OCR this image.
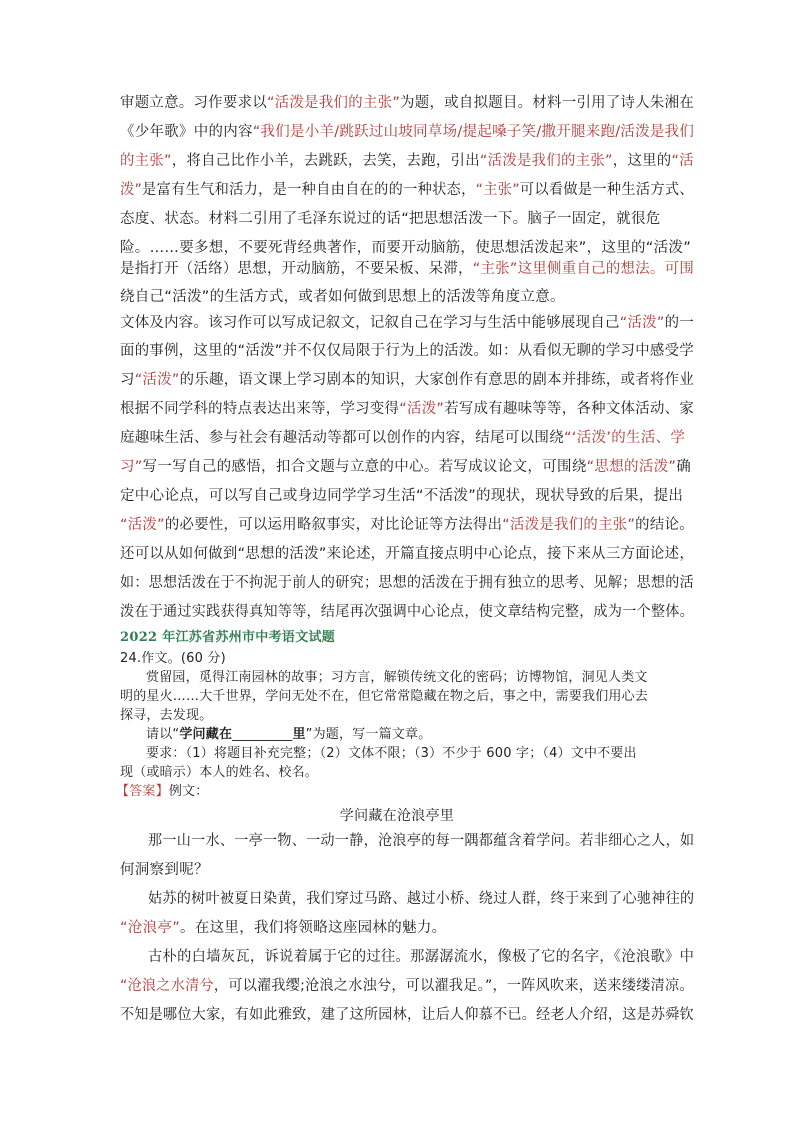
审题立意。习作要求以“活泼是我们的主张”为题，或自拟题目。材料一引用了诗人朱湘在
《少年歌》中的内容“我们是小羊/跳跃过山坡同草场/提起嗓子笑/撒开腿来跑/活泼是我们
的主张”，将自己比作小羊，去跳跃，去笑，去跑，引出“活泼是我们的主张”，这里的“活
泼”是富有生气和活力，是一种自由自在的的一种状态，“主张”可以看做是一种生活方式、
态度、状态。材料二引用了毛泽东说过的话“把思想活泼一下。脑子一固定，就很危
险。……要多想，不要死背经典著作，而要开动脑筋，使思想活泼起来”，这里的“活泼”
是指打开（活络）思想，开动脑筋，不要呆板、呆滞，“主张”这里侧重自己的想法。可围
绕自己“活泼”的生活方式，或者如何做到思想上的活泼等角度立意。
文体及内容。该习作可以写成记叙文，记叙自己在学习与生活中能够展现自己“活泼”的一
面的事例，这里的“活泼”并不仅仅局限于行为上的活泼。如：从看似无聊的学习中感受学
习“活泼”的乐趣，语文课上学习剧本的知识，大家创作有意思的剧本并排练，或者将作业
根据不同学科的特点表达出来等，学习变得“活泼”若写成有趣味等等，各种文体活动、家
庭趣味生活、参与社会有趣活动等都可以创作的内容，结尾可以围绕“‘活泼’的生活、学
习”写一写自己的感悟，扣合文题与立意的中心。若写成议论文，可围绕“思想的活泼”确
定中心论点，可以写自己或身边同学学习生活“不活泼”的现状，现状导致的后果，提出
“活泼”的必要性，可以运用略叙事实，对比论证等方法得出“活泼是我们的主张”的结论。
还可以从如何做到“思想的活泼”来论述，开篇直接点明中心论点，接下来从三方面论述，
如：思想活泼在于不拘泥于前人的研究；思想的活泼在于拥有独立的思考、见解；思想的活
泼在于通过实践获得真知等等，结尾再次强调中心论点，使文章结构完整，成为一个整体。
2022 年江苏省苏州市中考语文试题
24.作文。(60 分)
赏留园，觅得江南园林的故事；习方言，解锁传统文化的密码；访博物馆，洞见人类文
明的星火……大千世界，学问无处不在，但它常常隐藏在物之后，事之中，需要我们用心去
探寻，去发现。
请以“学问藏在_________里”为题，写一篇文章。
要求：（1）将题目补充完整；（2）文体不限；（3）不少于 600 字；（4）文中不要出
现（或暗示）本人的姓名、校名。
【答案】例文：
学问藏在沧浪亭里
那一山一水、一亭一物、一动一静，沧浪亭的每一隅都蕴含着学问。若非细心之人，如
何洞察到呢？
姑苏的树叶被夏日染黄，我们穿过马路、越过小桥、绕过人群，终于来到了心驰神往的
“沧浪亭”。在这里，我们将领略这座园林的魅力。
古朴的白墙灰瓦，诉说着属于它的过往。那潺潺流水，像极了它的名字，《沧浪歌》中
“沧浪之水清兮，可以濯我缨;沧浪之水浊兮，可以濯我足。”，一阵风吹来，送来缕缕清凉。
不知是哪位大家，有如此雅致，建了这所园林，让后人仰慕不已。经老人介绍，这是苏舜钦
